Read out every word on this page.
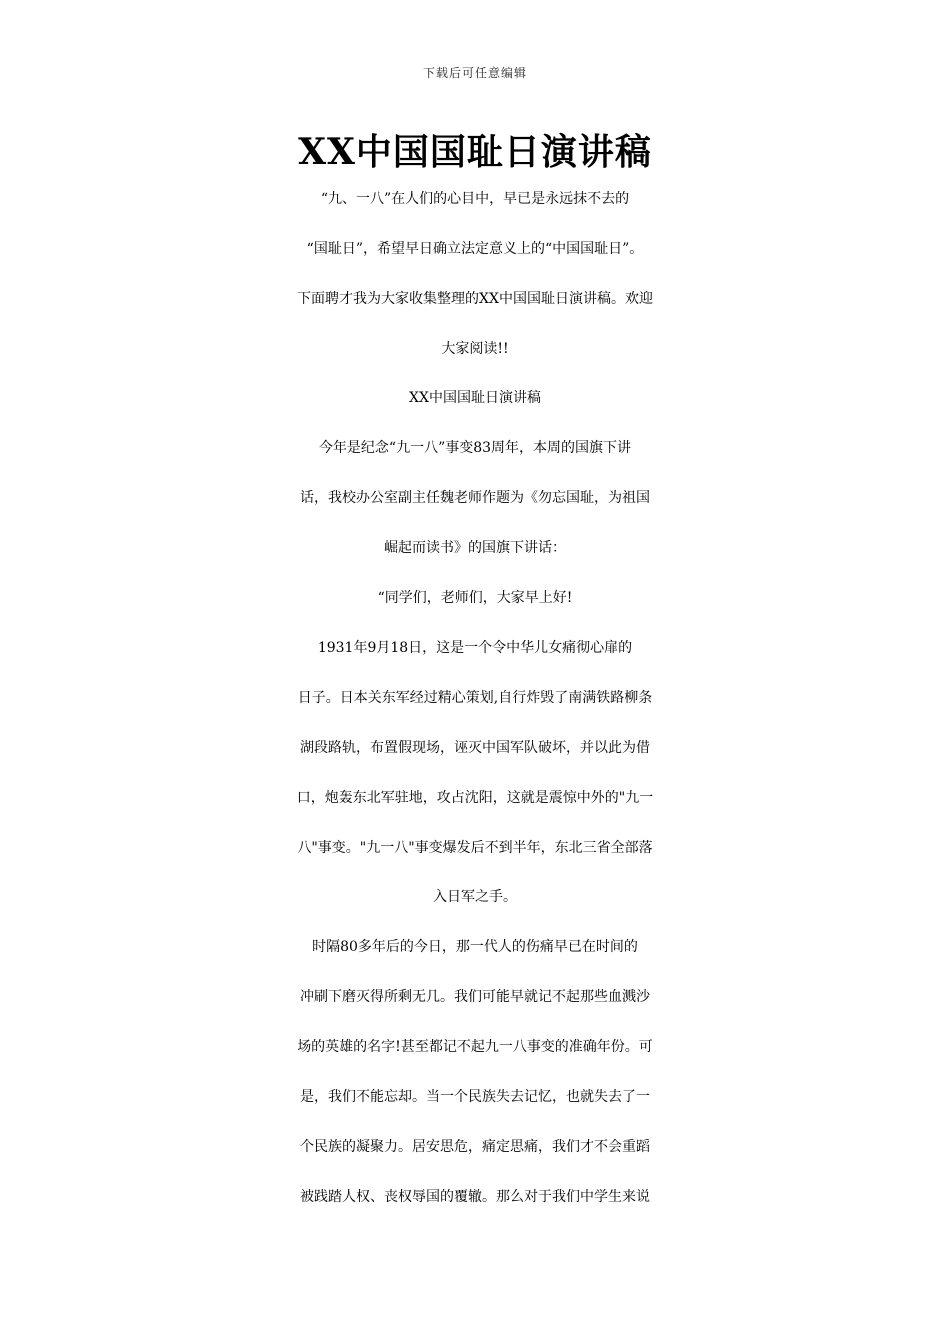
下载后可任意编辑
XX中国国耻日演讲稿
“九、一八”在人们的心目中，早已是永远抹不去的
“国耻日”，希望早日确立法定意义上的“中国国耻日”。
下面聘才我为大家收集整理的XX中国国耻日演讲稿。欢迎
大家阅读!!
XX中国国耻日演讲稿
今年是纪念“九一八”事变83周年，本周的国旗下讲
话，我校办公室副主任魏老师作题为《勿忘国耻，为祖国
崛起而读书》的国旗下讲话：
“同学们，老师们，大家早上好!
1931年9月18日，这是一个令中华儿女痛彻心扉的
日子。日本关东军经过精心策划,自行炸毁了南满铁路柳条
湖段路轨，布置假现场，诬灭中国军队破坏，并以此为借
口，炮轰东北军驻地，攻占沈阳，这就是震惊中外的"九一
八"事变。"九一八"事变爆发后不到半年，东北三省全部落
入日军之手。
时隔80多年后的今日，那一代人的伤痛早已在时间的
冲刷下磨灭得所剩无几。我们可能早就记不起那些血溅沙
场的英雄的名字!甚至都记不起九一八事变的准确年份。可
是，我们不能忘却。当一个民族失去记忆，也就失去了一
个民族的凝聚力。居安思危，痛定思痛，我们才不会重蹈
被践踏人权、丧权辱国的覆辙。那么对于我们中学生来说
